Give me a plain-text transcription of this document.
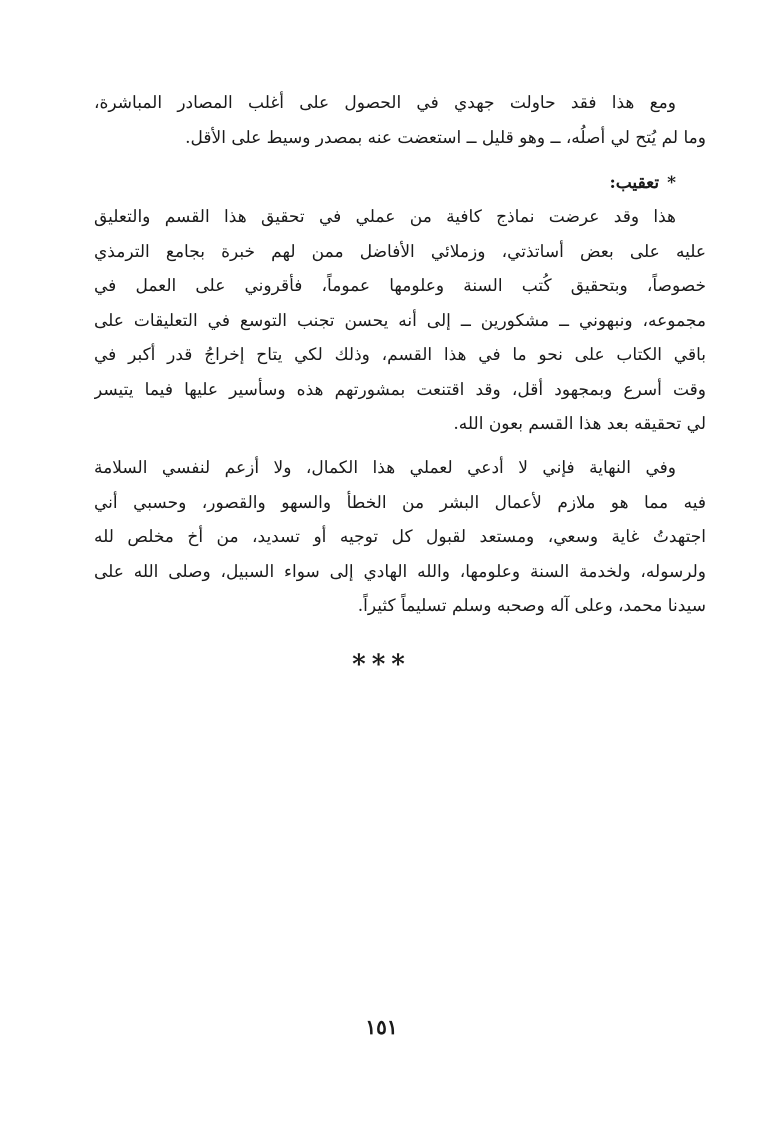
ومع هذا فقد حاولت جهدي في الحصول على أغلب المصادر المباشرة،
وما لم يُتح لي أصلُه، ــ وهو قليل ــ استعضت عنه بمصدر وسيط على الأقل.
*تعقيب:
هذا وقد عرضت نماذج كافية من عملي في تحقيق هذا القسم والتعليق
عليه على بعض أساتذتي، وزملائي الأفاضل ممن لهم خبرة بجامع الترمذي
خصوصاً، وبتحقيق كُتب السنة وعلومها عموماً، فأقروني على العمل في
مجموعه، ونبهوني ــ مشكورين ــ إلى أنه يحسن تجنب التوسع في التعليقات على
باقي الكتاب على نحو ما في هذا القسم، وذلك لكي يتاح إخراجُ قدر أكبر في
وقت أسرع وبمجهود أقل، وقد اقتنعت بمشورتهم هذه وسأسير عليها فيما يتيسر
لي تحقيقه بعد هذا القسم بعون الله.
وفي النهاية فإني لا أدعي لعملي هذا الكمال، ولا أزعم لنفسي السلامة
فيه مما هو ملازم لأعمال البشر من الخطأ والسهو والقصور، وحسبي أني
اجتهدتُ غاية وسعي، ومستعد لقبول كل توجيه أو تسديد، من أخ مخلص لله
ولرسوله، ولخدمة السنة وعلومها، والله الهادي إلى سواء السبيل، وصلى الله على
سيدنا محمد، وعلى آله وصحبه وسلم تسليماً كثيراً.
***
١٥١
